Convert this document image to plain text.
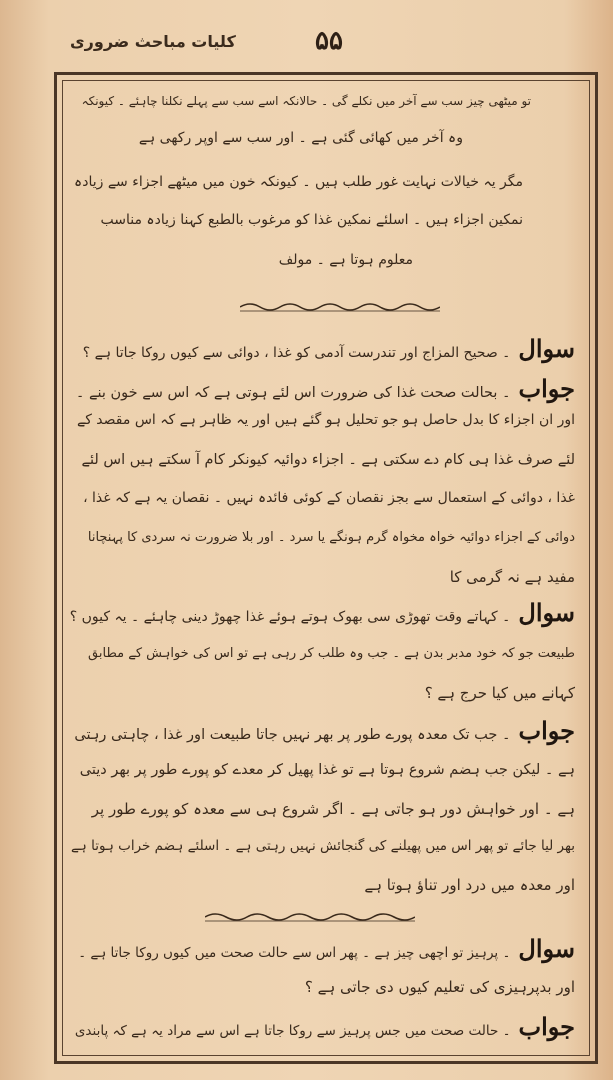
کلیات مباحث ضروری	۵۵
تو میٹھی چیز سب سے آخر میں نکلے گی ۔ حالانکہ اسے سب سے پہلے نکلنا چاہئے ۔ کیونکہ
وہ آخر میں کھائی گئی ہے ۔ اور سب سے اوپر رکھی ہے
مگر یہ خیالات نہایت غور طلب ہیں ۔ کیونکہ خون میں میٹھے اجزاء سے زیادہ
نمکین اجزاء ہیں ۔ اسلئے نمکین غذا کو مرغوب بالطبع کہنا زیادہ مناسب
معلوم ہوتا ہے ۔ مولف
سوال۔ صحیح المزاج اور تندرست آدمی کو غذا ، دوائی سے کیوں روکا جاتا ہے ؟
جواب۔ بحالت صحت غذا کی ضرورت اس لئے ہوتی ہے کہ اس سے خون بنے ۔
اور ان اجزاء کا بدل حاصل ہو جو تحلیل ہو گئے ہیں اور یہ ظاہر ہے کہ اس مقصد کے
لئے صرف غذا ہی کام دے سکتی ہے ۔ اجزاء دوائیہ کیونکر کام آ سکتے ہیں اس لئے
غذا ، دوائی کے استعمال سے بجز نقصان کے کوئی فائدہ نہیں ۔ نقصان یہ ہے کہ غذا ،
دوائی کے اجزاء دوائیہ خواہ مخواہ گرم ہونگے یا سرد ۔ اور بلا ضرورت نہ سردی کا پہنچانا
مفید ہے نہ گرمی کا
سوال۔ کہاتے وقت تھوڑی سی بھوک ہوتے ہوئے غذا چھوڑ دینی چاہئے ۔ یہ کیوں ؟
طبیعت جو کہ خود مدبر بدن ہے ۔ جب وہ طلب کر رہی ہے تو اس کی خواہش کے مطابق
کہانے میں کیا حرج ہے ؟
جواب۔ جب تک معدہ پورے طور پر بھر نہیں جاتا طبیعت اور غذا ، چاہتی رہتی
ہے ۔ لیکن جب ہضم شروع ہوتا ہے تو غذا پھیل کر معدے کو پورے طور پر بھر دیتی
ہے ۔ اور خواہش دور ہو جاتی ہے ۔ اگر شروع ہی سے معدہ کو پورے طور پر
بھر لیا جائے تو پھر اس میں پھیلنے کی گنجائش نہیں رہتی ہے ۔ اسلئے ہضم خراب ہوتا ہے
اور معدہ میں درد اور تناؤ ہوتا ہے
سوال۔ پرہیز تو اچھی چیز ہے ۔ پھر اس سے حالت صحت میں کیوں روکا جاتا ہے ۔
اور بدپرہیزی کی تعلیم کیوں دی جاتی ہے ؟
جواب۔ حالت صحت میں جس پرہیز سے روکا جاتا ہے اس سے مراد یہ ہے کہ پابندی
